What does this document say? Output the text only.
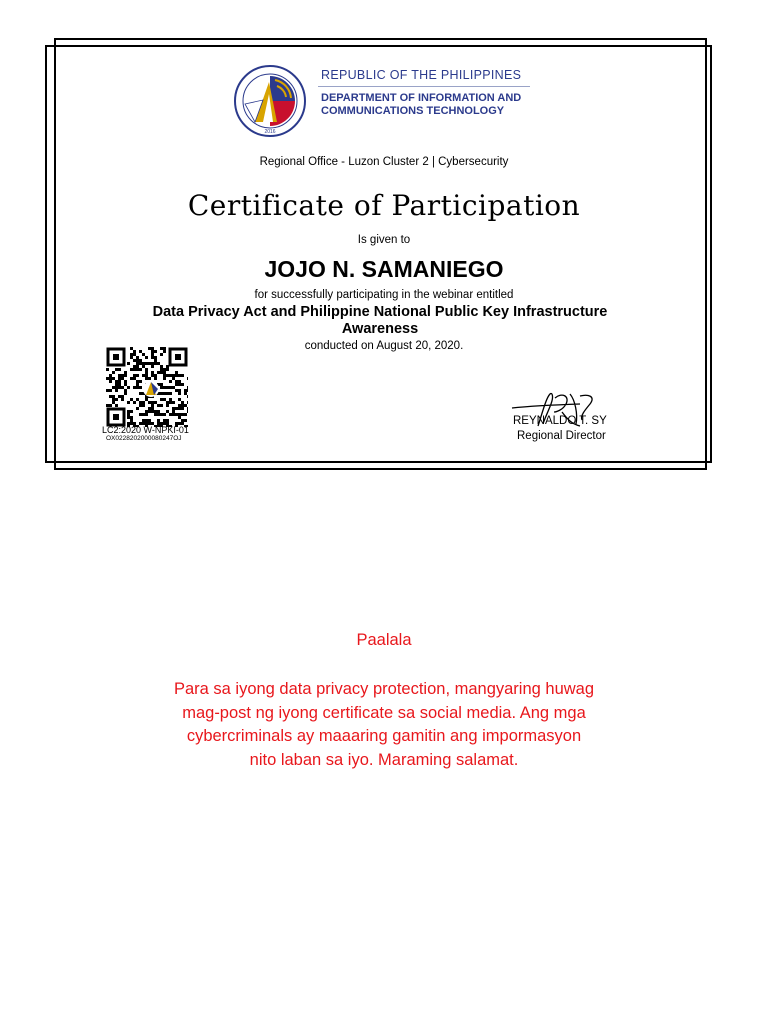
2016
REPUBLIC OF THE PHILIPPINES
DEPARTMENT OF INFORMATION AND
COMMUNICATIONS TECHNOLOGY
Regional Office - Luzon Cluster 2 | Cybersecurity
Certificate of Participation
Is given to
JOJO N. SAMANIEGO
for successfully participating in the webinar entitled
Data Privacy Act and Philippine National Public Key Infrastructure
Awareness
conducted on August 20, 2020.
LC2:2020 W-NPKI-01
OX0228202000080247OJ
REYNALDO T. SY
Regional Director
Paalala
Para sa iyong data privacy protection, mangyaring huwag
mag-post ng iyong certificate sa social media. Ang mga
cybercriminals ay maaaring gamitin ang impormasyon
nito laban sa iyo. Maraming salamat.
